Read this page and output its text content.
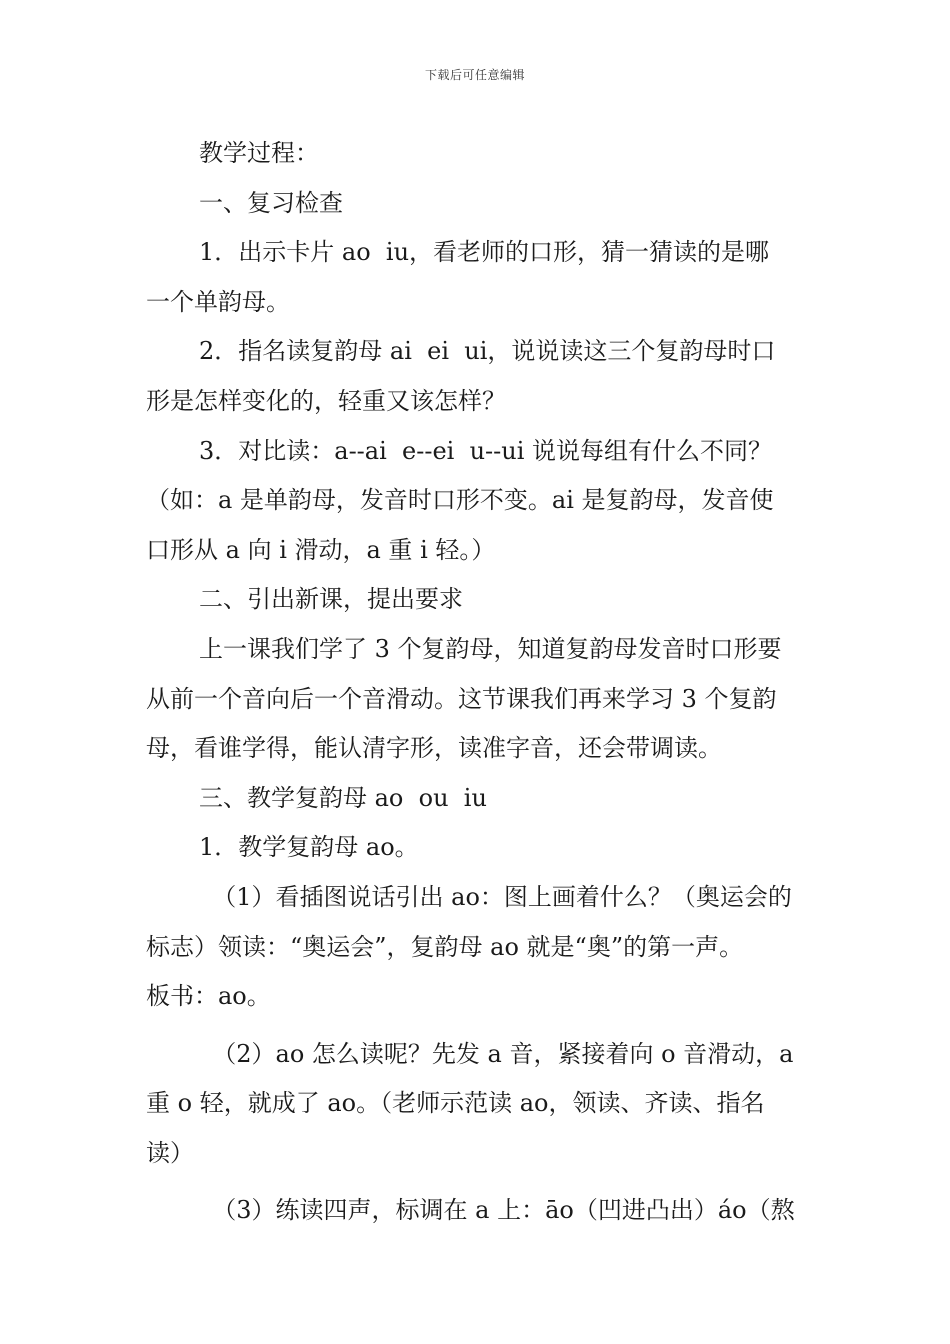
下载后可任意编辑
教学过程：
一、复习检查
1．出示卡片 ao  iu，看老师的口形，猜一猜读的是哪
一个单韵母。
2．指名读复韵母 ai  ei  ui，说说读这三个复韵母时口
形是怎样变化的，轻重又该怎样？
3．对比读：a--ai  e--ei  u--ui 说说每组有什么不同？
（如：a 是单韵母，发音时口形不变。ai 是复韵母，发音使
口形从 a 向 i 滑动，a 重 i 轻。）
二、引出新课，提出要求
上一课我们学了 3 个复韵母，知道复韵母发音时口形要
从前一个音向后一个音滑动。这节课我们再来学习 3 个复韵
母，看谁学得，能认清字形，读准字音，还会带调读。
三、教学复韵母 ao  ou  iu
1．教学复韵母 ao。
（1）看插图说话引出 ao：图上画着什么？（奥运会的
标志）领读：“奥运会”，复韵母 ao 就是“奥”的第一声。
板书：ao。
（2）ao 怎么读呢？先发 a 音，紧接着向 o 音滑动，a
重 o 轻，就成了 ao。（老师示范读 ao，领读、齐读、指名
读）
（3）练读四声，标调在 a 上：āo（凹进凸出）áo（熬
